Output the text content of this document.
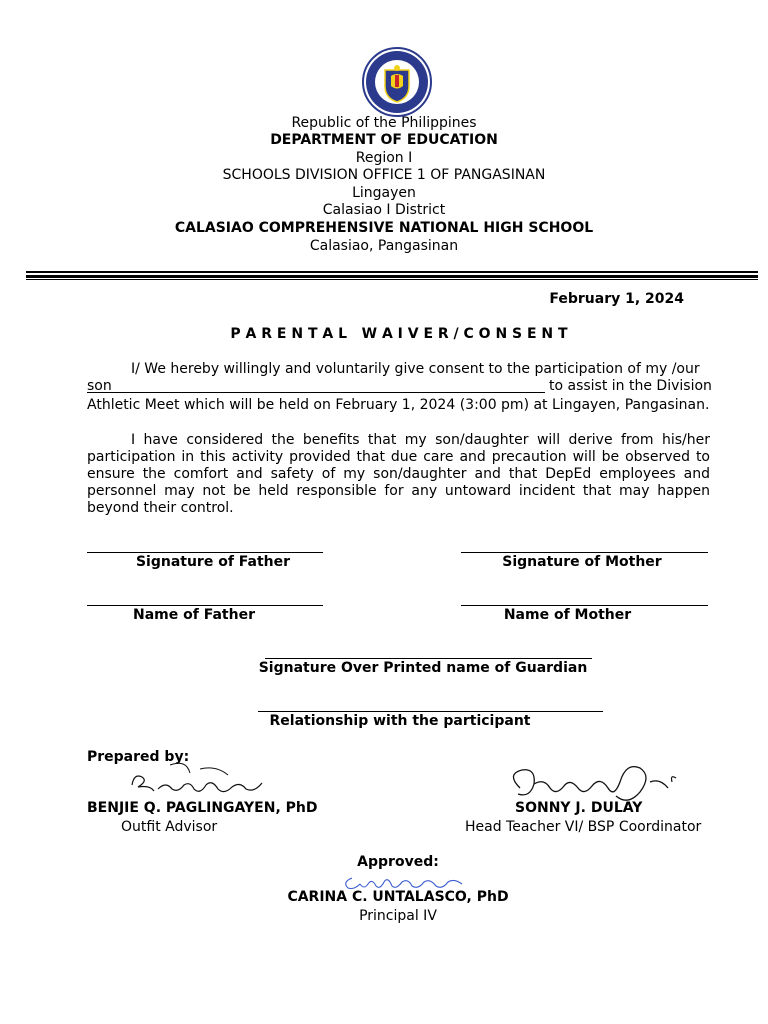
Republic of the Philippines
DEPARTMENT OF EDUCATION
Region I
SCHOOLS DIVISION OFFICE 1 OF PANGASINAN
Lingayen
Calasiao I District
CALASIAO COMPREHENSIVE NATIONAL HIGH SCHOOL
Calasiao, Pangasinan
February 1, 2024
P A R E N T A L   W A I V E R / C O N S E N T
I/ We hereby willingly and voluntarily give consent to the participation of my /our son	to assist in the Division
Athletic Meet which will be held on February 1, 2024 (3:00 pm) at Lingayen, Pangasinan.
I have considered the benefits that my son/daughter will derive from his/her participation in this activity provided that due care and precaution will be observed to ensure the comfort and safety of my son/daughter and that DepEd employees and personnel may not be held responsible for any untoward incident that may happen beyond their control.
Signature of Father	Signature of Mother
Name of Father	Name of Mother
Signature Over Printed name of Guardian
Relationship with the participant
Prepared by:
BENJIE Q. PAGLINGAYEN, PhD
Outfit Advisor
SONNY J. DULAY
Head Teacher VI/ BSP Coordinator
Approved:
CARINA C. UNTALASCO, PhD
Principal IV
